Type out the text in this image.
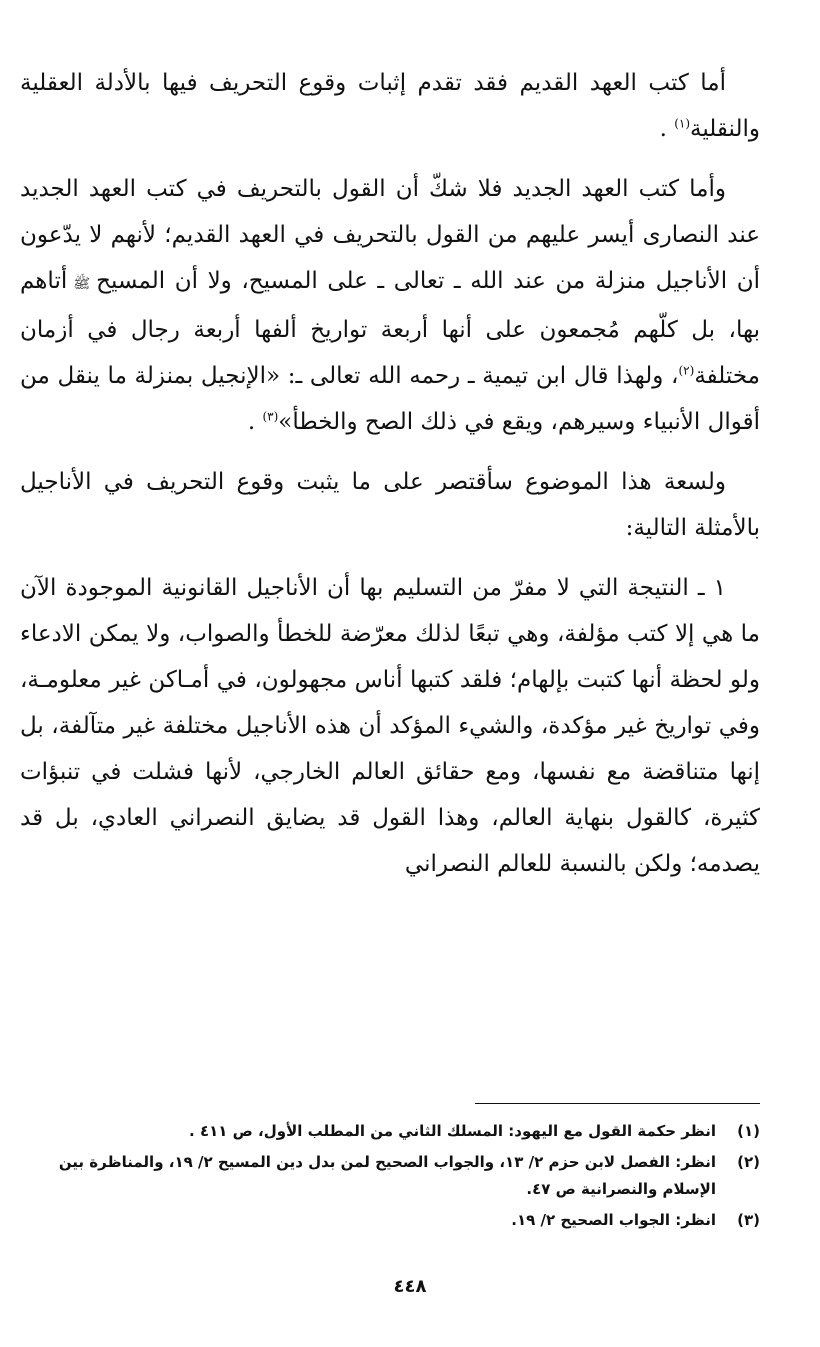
أما كتب العهد القديم فقد تقدم إثبات وقوع التحريف فيها بالأدلة العقلية والنقلية$^{(١)}$ .

وأما كتب العهد الجديد فلا شكّ أن القول بالتحريف في كتب العهد الجديد عند النصارى أيسر عليهم من القول بالتحريف في العهد القديم؛ لأنهم لا يدّعون أن الأناجيل منزلة من عند الله ـ تعالى ـ على المسيح، ولا أن المسيحﷺأتاهم بها، بل كلّهم مُجمعون على أنها أربعة تواريخ ألفها أربعة رجال في أزمان مختلفة$^{(٢)}$، ولهذا قال ابن تيمية ـ رحمه الله تعالى ـ: «الإنجيل بمنزلة ما ينقل من أقوال الأنبياء وسيرهم، ويقع في ذلك الصح والخطأ»$^{(٣)}$ .

ولسعة هذا الموضوع سأقتصر على ما يثبت وقوع التحريف في الأناجيل بالأمثلة التالية:

١ ـ النتيجة التي لا مفرّ من التسليم بها أن الأناجيل القانونية الموجودة الآن ما هي إلا كتب مؤلفة، وهي تبعًا لذلك معرّضة للخطأ والصواب، ولا يمكن الادعاء ولو لحظة أنها كتبت بإلهام؛ فلقد كتبها أناس مجهولون، في أمـاكن غير معلومـة، وفي تواريخ غير مؤكدة، والشيء المؤكد أن هذه الأناجيل مختلفة غير متآلفة، بل إنها متناقضة مع نفسها، ومع حقائق العالم الخارجي، لأنها فشلت في تنبؤات كثيرة، كالقول بنهاية العالم، وهذا القول قد يضايق النصراني العادي، بل قد يصدمه؛ ولكن بالنسبة للعالم النصراني

(١)
انظر حكمة القول مع اليهود: المسلك الثاني من المطلب الأول، ص ٤١١ .
(٢)
انظر: الفصل لابن حزم ٢/ ١٣، والجواب الصحيح لمن بدل دين المسيح ٢/ ١٩، والمناظرة بين الإسلام والنصرانية ص ٤٧.
(٣)
انظر: الجواب الصحيح ٢/ ١٩.
٤٤٨
